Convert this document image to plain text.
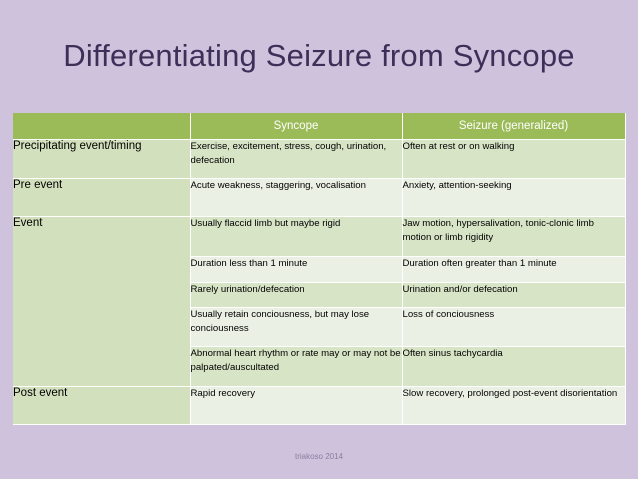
Differentiating Seizure from Syncope
	Syncope	Seizure (generalized)
Precipitating event/timing	Exercise, excitement, stress, cough, urination, defecation	Often at rest or on walking
Pre event	Acute weakness, staggering, vocalisation	Anxiety, attention-seeking
Event	Usually flaccid limb but maybe rigid	Jaw motion, hypersalivation, tonic-clonic limb motion or limb rigidity
	Duration less than 1 minute	Duration often greater than 1 minute
	Rarely urination/defecation	Urination and/or defecation
	Usually retain conciousness, but may lose conciousness	Loss of conciousness
	Abnormal heart rhythm or rate may or may not be palpated/auscultated	Often sinus tachycardia
Post event	Rapid recovery	Slow recovery, prolonged post-event disorientation
triakoso 2014
